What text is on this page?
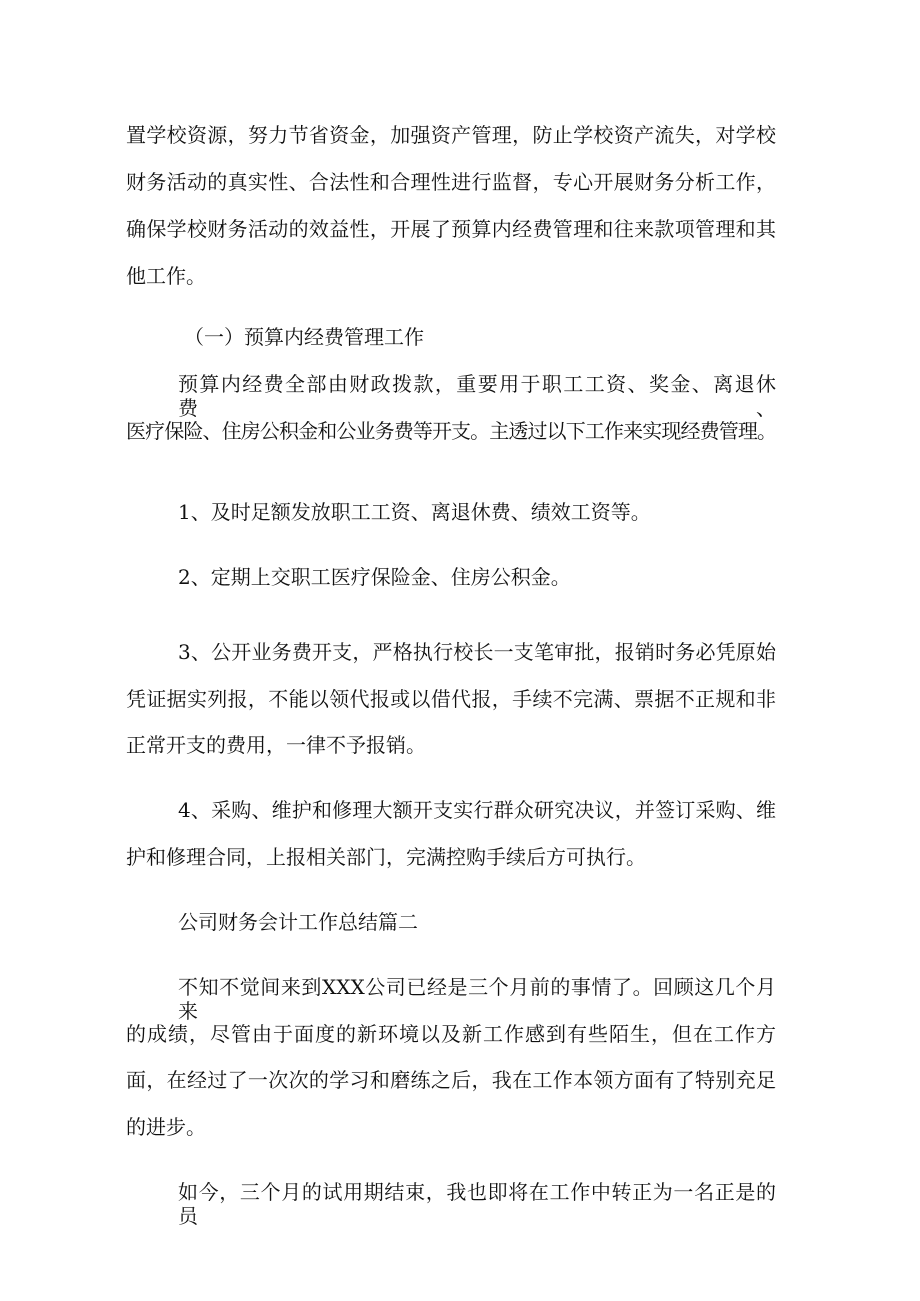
置学校资源，努力节省资金，加强资产管理，防止学校资产流失，对学校
财务活动的真实性、合法性和合理性进行监督，专心开展财务分析工作，
确保学校财务活动的效益性，开展了预算内经费管理和往来款项管理和其
他工作。
（一）预算内经费管理工作
预算内经费全部由财政拨款，重要用于职工工资、奖金、离退休费、
医疗保险、住房公积金和公业务费等开支。主透过以下工作来实现经费管理。
1、及时足额发放职工工资、离退休费、绩效工资等。
2、定期上交职工医疗保险金、住房公积金。
3、公开业务费开支，严格执行校长一支笔审批，报销时务必凭原始
凭证据实列报，不能以领代报或以借代报，手续不完满、票据不正规和非
正常开支的费用，一律不予报销。
4、采购、维护和修理大额开支实行群众研究决议，并签订采购、维
护和修理合同，上报相关部门，完满控购手续后方可执行。
公司财务会计工作总结篇二
不知不觉间来到XXX公司已经是三个月前的事情了。回顾这几个月来
的成绩，尽管由于面度的新环境以及新工作感到有些陌生，但在工作方
面，在经过了一次次的学习和磨练之后，我在工作本领方面有了特别充足
的进步。
如今，三个月的试用期结束，我也即将在工作中转正为一名正是的员
